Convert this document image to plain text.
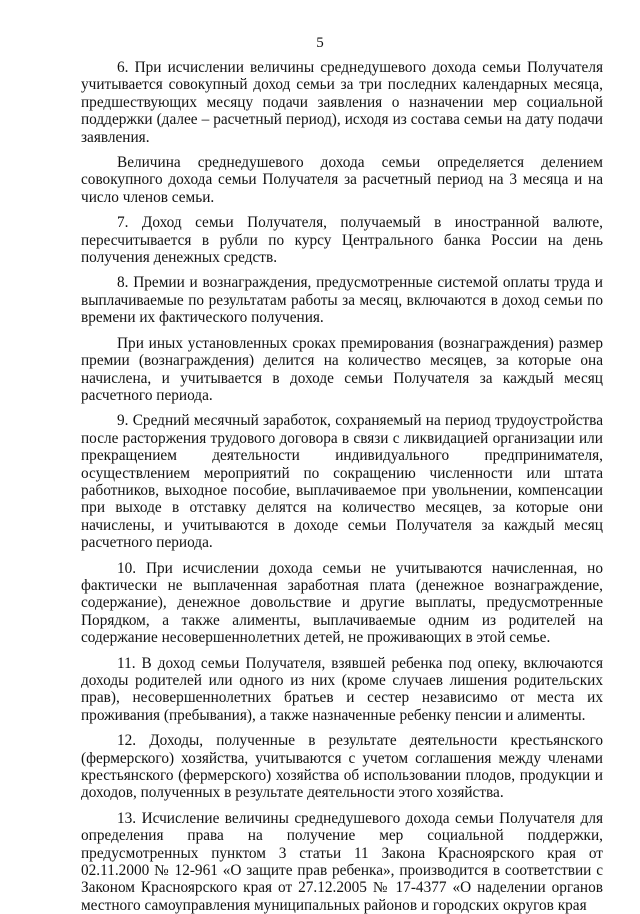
5

6. При исчислении величины среднедушевого дохода семьи Получателя учитывается совокупный доход семьи за три последних календарных месяца, предшествующих месяцу подачи заявления о назначении мер социальной поддержки (далее – расчетный период), исходя из состава семьи на дату подачи заявления.

Величина среднедушевого дохода семьи определяется делением совокупного дохода семьи Получателя за расчетный период на 3 месяца и на число членов семьи.

7. Доход семьи Получателя, получаемый в иностранной валюте, пересчитывается в рубли по курсу Центрального банка России на день получения денежных средств.

8. Премии и вознаграждения, предусмотренные системой оплаты труда и выплачиваемые по результатам работы за месяц, включаются в доход семьи по времени их фактического получения.

При иных установленных сроках премирования (вознаграждения) размер премии (вознаграждения) делится на количество месяцев, за которые она начислена, и учитывается в доходе семьи Получателя за каждый месяц расчетного периода.

9. Средний месячный заработок, сохраняемый на период трудоустройства после расторжения трудового договора в связи с ликвидацией организации или прекращением деятельности индивидуального предпринимателя, осуществлением мероприятий по сокращению численности или штата работников, выходное пособие, выплачиваемое при увольнении, компенсации при выходе в отставку делятся на количество месяцев, за которые они начислены, и учитываются в доходе семьи Получателя за каждый месяц расчетного периода.

10. При исчислении дохода семьи не учитываются начисленная, но фактически не выплаченная заработная плата (денежное вознаграждение, содержание), денежное довольствие и другие выплаты, предусмотренные Порядком, а также алименты, выплачиваемые одним из родителей на содержание несовершеннолетних детей, не проживающих в этой семье.

11. В доход семьи Получателя, взявшей ребенка под опеку, включаются доходы родителей или одного из них (кроме случаев лишения родительских прав), несовершеннолетних братьев и сестер независимо от места их проживания (пребывания), а также назначенные ребенку пенсии и алименты.

12. Доходы, полученные в результате деятельности крестьянского (фермерского) хозяйства, учитываются с учетом соглашения между членами крестьянского (фермерского) хозяйства об использовании плодов, продукции и доходов, полученных в результате деятельности этого хозяйства.

13. Исчисление величины среднедушевого дохода семьи Получателя для определения права на получение мер социальной поддержки, предусмотренных пунктом 3 статьи 11 Закона Красноярского края от 02.11.2000 № 12-961 «О защите прав ребенка», производится в соответствии с Законом Красноярского края от 27.12.2005 № 17-4377 «О наделении органов местного самоуправления муниципальных районов и городских округов края
